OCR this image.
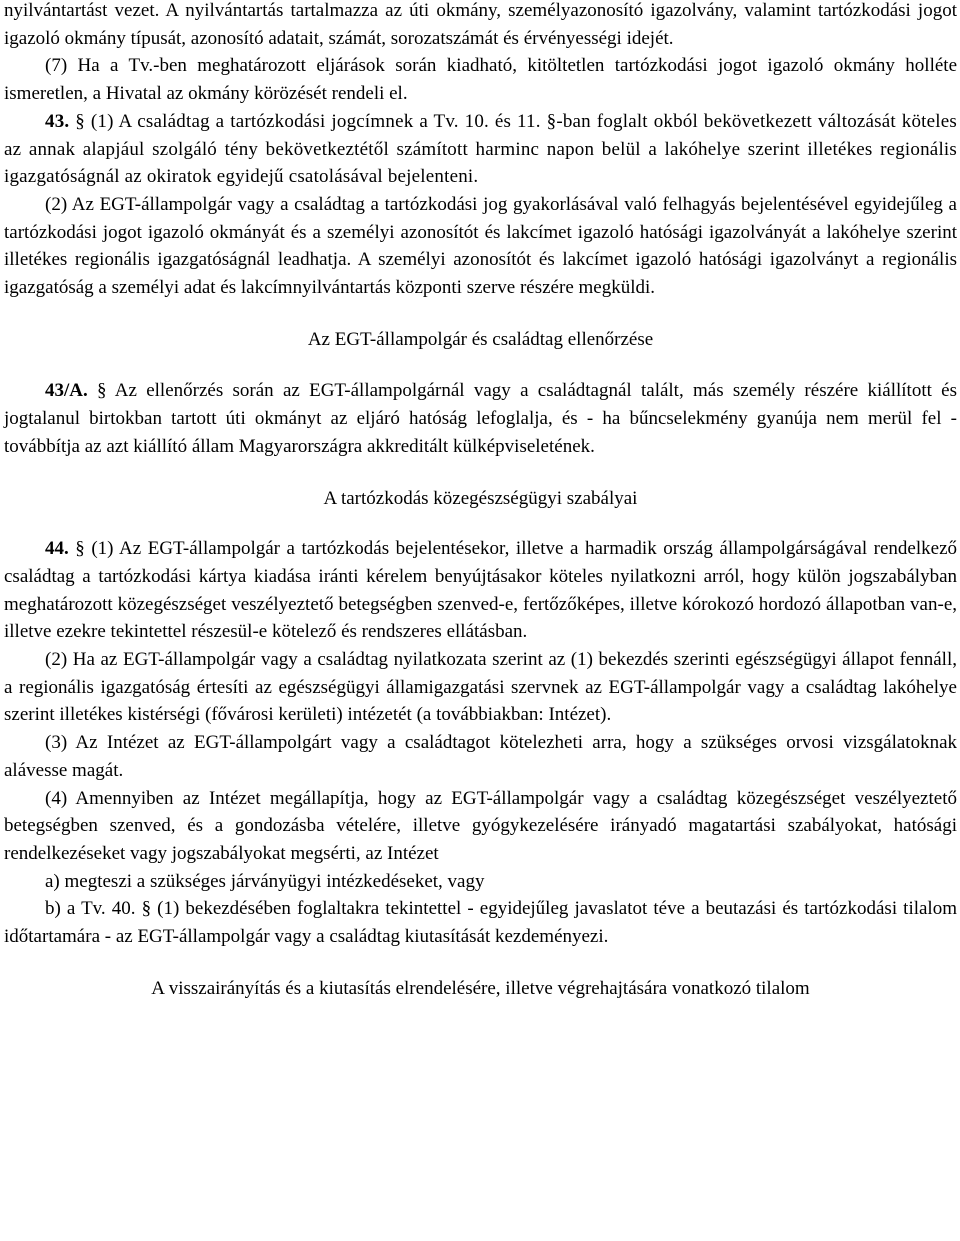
nyilvántartást vezet. A nyilvántartás tartalmazza az úti okmány, személyazonosító igazolvány, valamint tartózkodási jogot igazoló okmány típusát, azonosító adatait, számát, sorozatszámát és érvényességi idejét.

(7) Ha a Tv.-ben meghatározott eljárások során kiadható, kitöltetlen tartózkodási jogot igazoló okmány holléte ismeretlen, a Hivatal az okmány körözését rendeli el.

43. § (1) A családtag a tartózkodási jogcímnek a Tv. 10. és 11. §-ban foglalt okból bekövetkezett változását köteles az annak alapjául szolgáló tény bekövetkeztétől számított harminc napon belül a lakóhelye szerint illetékes regionális igazgatóságnál az okiratok egyidejű csatolásával bejelenteni.

(2) Az EGT-állampolgár vagy a családtag a tartózkodási jog gyakorlásával való felhagyás bejelentésével egyidejűleg a tartózkodási jogot igazoló okmányát és a személyi azonosítót és lakcímet igazoló hatósági igazolványát a lakóhelye szerint illetékes regionális igazgatóságnál leadhatja. A személyi azonosítót és lakcímet igazoló hatósági igazolványt a regionális igazgatóság a személyi adat és lakcímnyilvántartás központi szerve részére megküldi.

Az EGT-állampolgár és családtag ellenőrzése

43/A. § Az ellenőrzés során az EGT-állampolgárnál vagy a családtagnál talált, más személy részére kiállított és jogtalanul birtokban tartott úti okmányt az eljáró hatóság lefoglalja, és - ha bűncselekmény gyanúja nem merül fel - továbbítja az azt kiállító állam Magyarországra akkreditált külképviseletének.

A tartózkodás közegészségügyi szabályai

44. § (1) Az EGT-állampolgár a tartózkodás bejelentésekor, illetve a harmadik ország állampolgárságával rendelkező családtag a tartózkodási kártya kiadása iránti kérelem benyújtásakor köteles nyilatkozni arról, hogy külön jogszabályban meghatározott közegészséget veszélyeztető betegségben szenved-e, fertőzőképes, illetve kórokozó hordozó állapotban van-e, illetve ezekre tekintettel részesül-e kötelező és rendszeres ellátásban.

(2) Ha az EGT-állampolgár vagy a családtag nyilatkozata szerint az (1) bekezdés szerinti egészségügyi állapot fennáll, a regionális igazgatóság értesíti az egészségügyi államigazgatási szervnek az EGT-állampolgár vagy a családtag lakóhelye szerint illetékes kistérségi (fővárosi kerületi) intézetét (a továbbiakban: Intézet).

(3) Az Intézet az EGT-állampolgárt vagy a családtagot kötelezheti arra, hogy a szükséges orvosi vizsgálatoknak alávesse magát.

(4) Amennyiben az Intézet megállapítja, hogy az EGT-állampolgár vagy a családtag közegészséget veszélyeztető betegségben szenved, és a gondozásba vételére, illetve gyógykezelésére irányadó magatartási szabályokat, hatósági rendelkezéseket vagy jogszabályokat megsérti, az Intézet

a) megteszi a szükséges járványügyi intézkedéseket, vagy

b) a Tv. 40. § (1) bekezdésében foglaltakra tekintettel - egyidejűleg javaslatot téve a beutazási és tartózkodási tilalom időtartamára - az EGT-állampolgár vagy a családtag kiutasítását kezdeményezi.

A visszairányítás és a kiutasítás elrendelésére, illetve végrehajtására vonatkozó tilalom
